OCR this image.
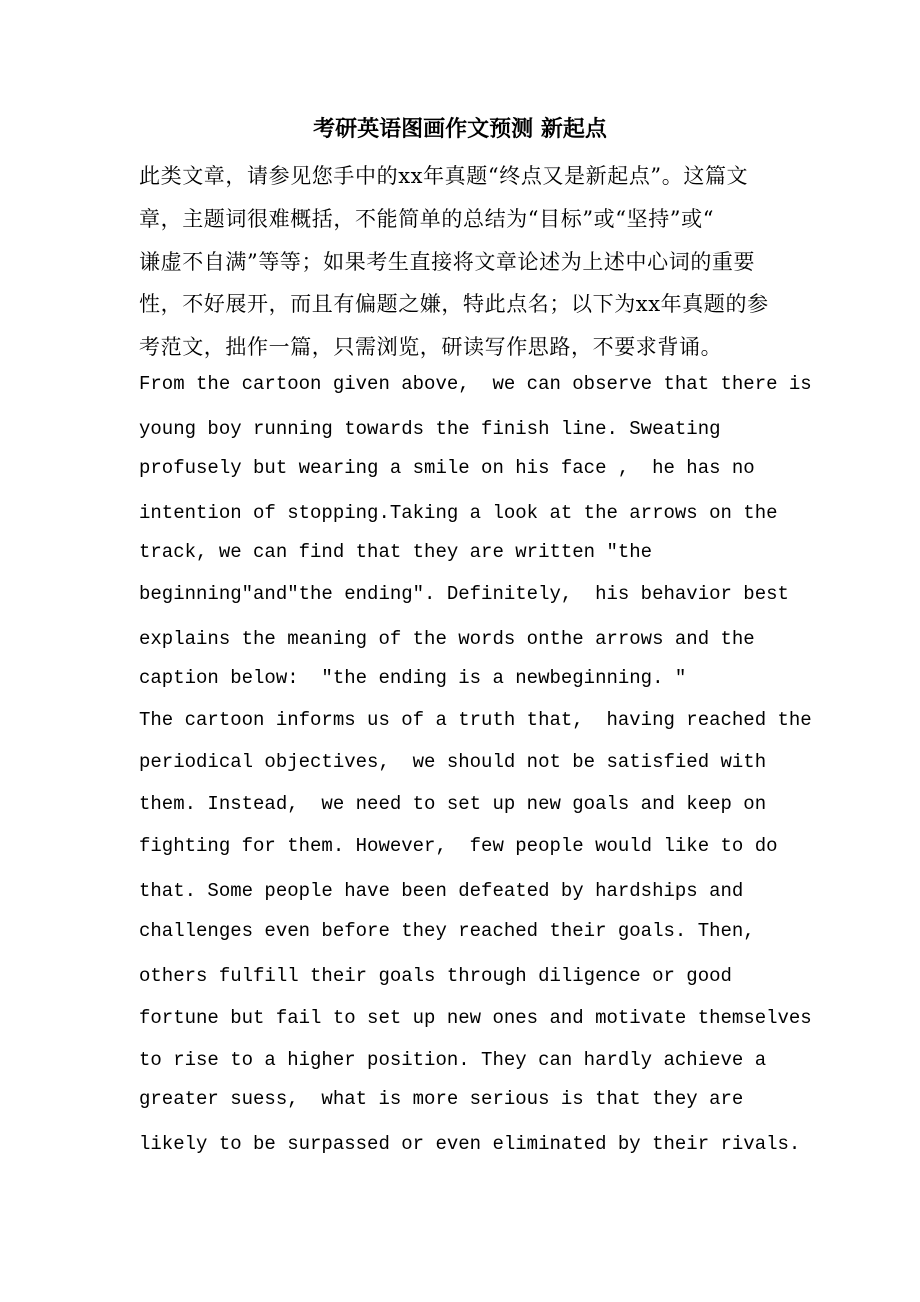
考研英语图画作文预测 新起点

此类文章，请参见您手中的xx年真题“终点又是新起点”。这篇文

章，主题词很难概括，不能简单的总结为“目标”或“坚持”或“

谦虚不自满”等等；如果考生直接将文章论述为上述中心词的重要

性，不好展开，而且有偏题之嫌，特此点名；以下为xx年真题的参

考范文，拙作一篇，只需浏览，研读写作思路，不要求背诵。

From the cartoon given above,  we can observe that there is

young boy running towards the finish line. Sweating

profusely but wearing a smile on his face ,  he has no

intention of stopping.Taking a look at the arrows on the

track, we can find that they are written "the

beginning"and"the ending". Definitely,  his behavior best

explains the meaning of the words onthe arrows and the

caption below:  "the ending is a newbeginning. "

The cartoon informs us of a truth that,  having reached the

periodical objectives,  we should not be satisfied with

them. Instead,  we need to set up new goals and keep on

fighting for them. However,  few people would like to do

that. Some people have been defeated by hardships and

challenges even before they reached their goals. Then,

others fulfill their goals through diligence or good

fortune but fail to set up new ones and motivate themselves

to rise to a higher position. They can hardly achieve a

greater suess,  what is more serious is that they are

likely to be surpassed or even eliminated by their rivals.
